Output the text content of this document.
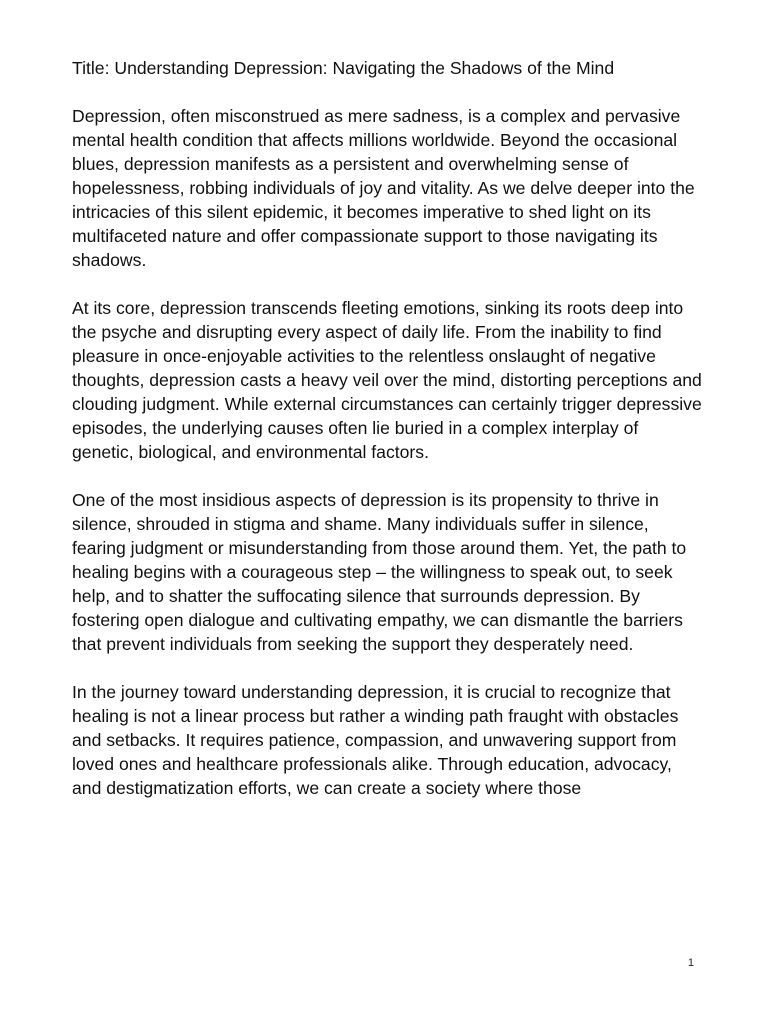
Title: Understanding Depression: Navigating the Shadows of the Mind

Depression, often misconstrued as mere sadness, is a complex and pervasive mental health condition that affects millions worldwide. Beyond the occasional blues, depression manifests as a persistent and overwhelming sense of hopelessness, robbing individuals of joy and vitality. As we delve deeper into the intricacies of this silent epidemic, it becomes imperative to shed light on its multifaceted nature and offer compassionate support to those navigating its shadows.

At its core, depression transcends fleeting emotions, sinking its roots deep into the psyche and disrupting every aspect of daily life. From the inability to find pleasure in once-enjoyable activities to the relentless onslaught of negative thoughts, depression casts a heavy veil over the mind, distorting perceptions and clouding judgment. While external circumstances can certainly trigger depressive episodes, the underlying causes often lie buried in a complex interplay of genetic, biological, and environmental factors.

One of the most insidious aspects of depression is its propensity to thrive in silence, shrouded in stigma and shame. Many individuals suffer in silence, fearing judgment or misunderstanding from those around them. Yet, the path to healing begins with a courageous step – the willingness to speak out, to seek help, and to shatter the suffocating silence that surrounds depression. By fostering open dialogue and cultivating empathy, we can dismantle the barriers that prevent individuals from seeking the support they desperately need.

In the journey toward understanding depression, it is crucial to recognize that healing is not a linear process but rather a winding path fraught with obstacles and setbacks. It requires patience, compassion, and unwavering support from loved ones and healthcare professionals alike. Through education, advocacy, and destigmatization efforts, we can create a society where those

1
